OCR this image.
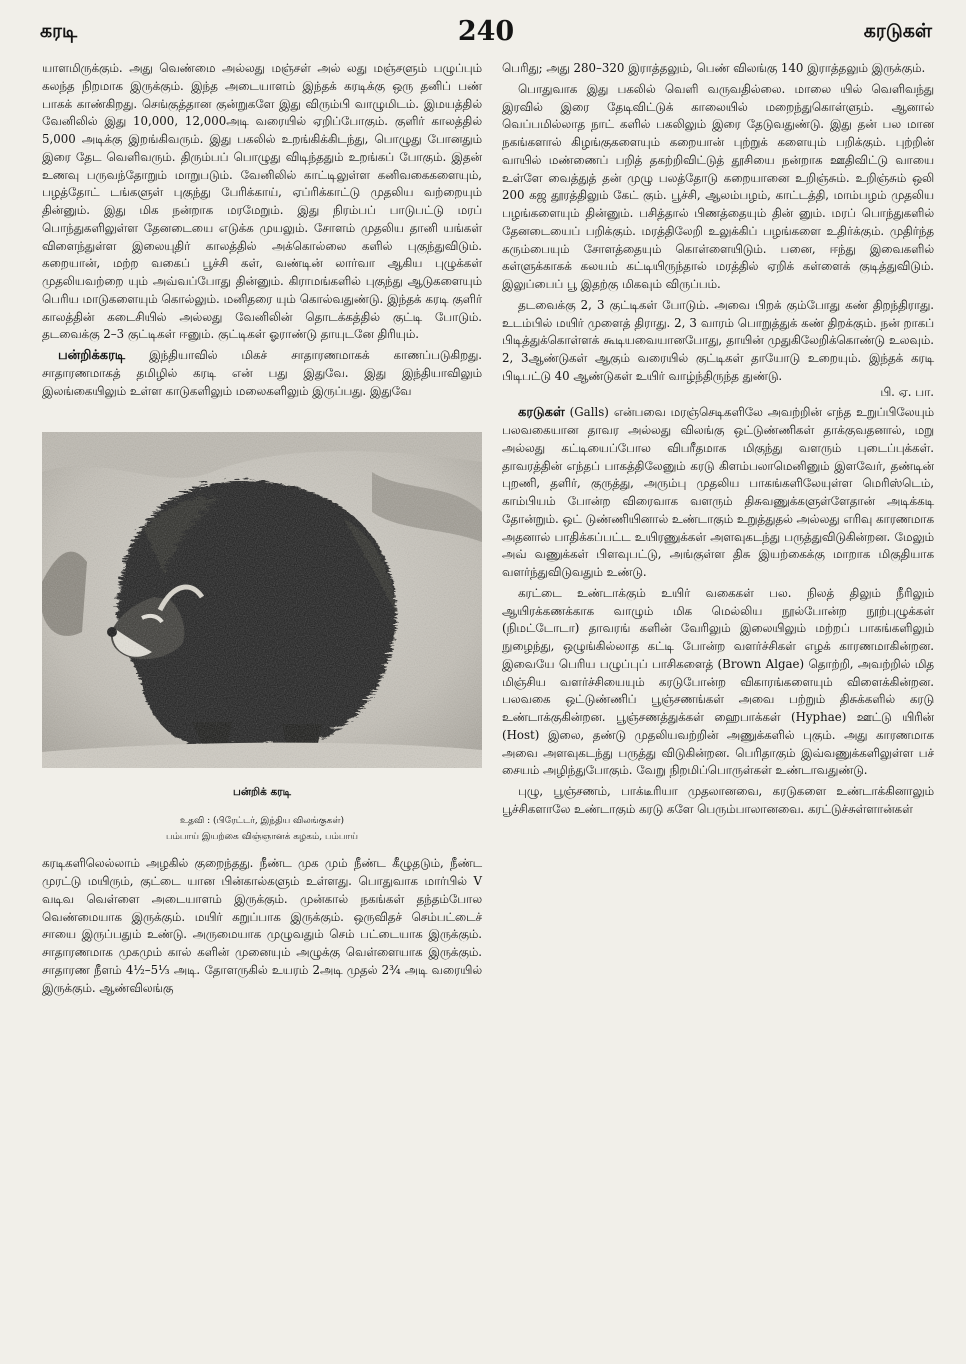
கரடி	240	கரடுகள்

யாளமிருக்கும். அது வெண்மை அல்லது மஞ்சள் அல் லது மஞ்சளும் பழுப்பும் கலந்த நிறமாக இருக்கும். இந்த அடையாளம் இந்தக் கரடிக்கு ஒரு தனிப் பண் பாகக் காண்கிறது. செங்குத்தான குன்றுகளே இது விரும்பி வாழுமிடம். இமயத்தில் வேனிலில் இது 10,000, 12,000அடி வரையில் ஏறிப்போகும். குளிர் காலத்தில் 5,000 அடிக்கு இறங்கிவரும். இது பகலில் உறங்கிக்கிடந்து, பொழுது போனதும் இரை தேட வெளிவரும். திரும்பப் பொழுது விடிந்ததும் உறங்கப் போகும். இதன் உணவு பருவந்தோறும் மாறுபடும். வேனிலில் காட்டிலுள்ள கனிவகைகளையும், பழத்தோட் டங்களுள் புகுந்து பேரிக்காய், ஏப்ரிக்காட்டு முதலிய வற்றையும் தின்னும். இது மிக நன்றாக மரமேறும். இது நிரம்பப் பாடுபட்டு மரப் பொந்துகளிலுள்ள தேனடையை எடுக்க முயலும். சோளம் முதலிய தானி யங்கள் விளைந்துள்ள இலையுதிர் காலத்தில் அக்கொல்லை களில் புகுந்துவிடும். கறையான், மற்ற வகைப் பூச்சி கள், வண்டின் லார்வா ஆகிய புழுக்கள் முதலியவற்றை யும் அவ்வப்போது தின்னும். கிராமங்களில் புகுந்து ஆடுகளையும் பெரிய மாடுகளையும் கொல்லும். மனிதரை யும் கொல்வதுண்டு. இந்தக் கரடி குளிர் காலத்தின் கடைசியில் அல்லது வேனிலின் தொடக்கத்தில் குட்டி போடும். தடவைக்கு 2–3 குட்டிகள் ஈனும். குட்டிகள் ஓராண்டு தாயுடனே திரியும்.

பன்றிக்கரடி இந்தியாவில் மிகச் சாதாரணமாகக் காணப்படுகிறது. சாதாரணமாகத் தமிழில் கரடி என் பது இதுவே. இது இந்தியாவிலும் இலங்கையிலும் உள்ள காடுகளிலும் மலைகளிலும் இருப்பது. இதுவே

பன்றிக் கரடி

உதவி : (பிரேட்டர், இந்திய விலங்குகள்)

பம்பாய் இயற்கை விஞ்ஞானக் கழகம், பம்பாய்

கரடிகளிலெல்லாம் அழகில் குறைந்தது. நீண்ட முக மும் நீண்ட கீழுதடும், நீண்ட முரட்டு மயிரும், குட்டை யான பின்கால்களும் உள்ளது. பொதுவாக மார்பில் V வடிவ வெள்ளை அடையாளம் இருக்கும். முன்கால் நகங்கள் தந்தம்போல வெண்மையாக இருக்கும். மயிர் கறுப்பாக இருக்கும். ஒருவிதச் செம்பட்டைச் சாயை இருப்பதும் உண்டு. அருமையாக முழுவதும் செம் பட்டையாக இருக்கும். சாதாரணமாக முகமும் கால் களின் முனையும் அழுக்கு வெள்ளையாக இருக்கும். சாதாரண நீளம் 4½–5⅓ அடி. தோளருகில் உயரம் 2அடி முதல் 2¾ அடி வரையில் இருக்கும். ஆண்விலங்கு

பெரிது; அது 280–320 இராத்தலும், பெண் விலங்கு 140 இராத்தலும் இருக்கும்.

பொதுவாக இது பகலில் வெளி வருவதில்லை. மாலை யில் வெளிவந்து இரவில் இரை தேடிவிட்டுக் காலையில் மறைந்துகொள்ளும். ஆனால் வெப்பமில்லாத நாட் களில் பகலிலும் இரை தேடுவதுண்டு. இது தன் பல மான நகங்களால் கிழங்குகளையும் கறையான் புற்றுக் களையும் பறிக்கும். புற்றின் வாயில் மண்ணைப் பறித் தகற்றிவிட்டுத் தூசியை நன்றாக ஊதிவிட்டு வாயை உள்ளே வைத்துத் தன் முழு பலத்தோடு கறையானை உறிஞ்சும். உறிஞ்சும் ஒலி 200 கஜ தூரத்திலும் கேட் கும். பூச்சி, ஆலம்பழம், காட்டத்தி, மாம்பழம் முதலிய பழங்களையும் தின்னும். பசித்தால் பிணத்தையும் தின் னும். மரப் பொந்துகளில் தேனடையைப் பறிக்கும். மரத்திலேறி உலுக்கிப் பழங்களை உதிர்க்கும். முதிர்ந்த கரும்பையும் சோளத்தையும் கொள்ளையிடும். பனை, ஈந்து இவைகளில் கள்ளுக்காகக் கலயம் கட்டியிருந்தால் மரத்தில் ஏறிக் கள்ளைக் குடித்துவிடும். இலுப்பைப் பூ இதற்கு மிகவும் விருப்பம்.

தடவைக்கு 2, 3 குட்டிகள் போடும். அவை பிறக் கும்போது கண் திறந்திராது. உடம்பில் மயிர் முளைத் திராது. 2, 3 வாரம் பொறுத்துக் கண் திறக்கும். நன் றாகப் பிடித்துக்கொள்ளக் கூடியவையானபோது, தாயின் முதுகிலேறிக்கொண்டு உலவும். 2, 3ஆண்டுகள் ஆகும் வரையில் குட்டிகள் தாயோடு உறையும். இந்தக் கரடி பிடிபட்டு 40 ஆண்டுகள் உயிர் வாழ்ந்திருந்த துண்டு.
பி. ஏ. பா.

கரடுகள் (Galls) என்பவை மரஞ்செடிகளிலே அவற்றின் எந்த உறுப்பிலேயும் பலவகையான தாவர அல்லது விலங்கு ஒட்டுண்ணிகள் தாக்குவதனால், மறு அல்லது கட்டியைப்போல விபரீதமாக மிகுந்து வளரும் புடைப்புக்கள். தாவரத்தின் எந்தப் பாகத்திலேனும் கரடு கிளம்பலாமெனினும் இளவேர், தண்டின் புறணி, தளிர், குருத்து, அரும்பு முதலிய பாகங்களிலேயுள்ள மெரிஸ்டெம், காம்பியம் போன்ற விரைவாக வளரும் திசுவணுக்களுள்ளேதான் அடிக்கடி தோன்றும். ஒட் டுண்ணியினால் உண்டாகும் உறுத்துதல் அல்லது எரிவு காரணமாக அதனால் பாதிக்கப்பட்ட உயிரணுக்கள் அளவுகடந்து பருத்துவிடுகின்றன. மேலும் அவ் வணுக்கள் பிளவுபட்டு, அங்குள்ள திசு இயற்கைக்கு மாறாக மிகுதியாக வளர்ந்துவிடுவதும் உண்டு.

கரட்டை உண்டாக்கும் உயிர் வகைகள் பல. நிலத் திலும் நீரிலும் ஆயிரக்கணக்காக வாழும் மிக மெல்லிய நூல்போன்ற நூற்புழுக்கள் (நிமட்டோடா) தாவரங் களின் வேரிலும் இலையிலும் மற்றப் பாகங்களிலும் நுழைந்து, ஒழுங்கில்லாத கட்டி போன்ற வளர்ச்சிகள் எழக் காரணமாகின்றன. இவையே பெரிய பழுப்புப் பாசிகளைத் (Brown Algae) தொற்றி, அவற்றில் மித மிஞ்சிய வளர்ச்சியையும் கரடுபோன்ற விகாரங்களையும் விளைக்கின்றன. பலவகை ஒட்டுண்ணிப் பூஞ்சணங்கள் அவை பற்றும் திசுக்களில் கரடு உண்டாக்குகின்றன. பூஞ்சணத்துக்கள் ஹைபாக்கள் (Hyphae) ஊட்டு யிரின் (Host) இலை, தண்டு முதலியவற்றின் அணுக்களில் புகும். அது காரணமாக அவை அளவுகடந்து பருத்து விடுகின்றன. பெரிதாகும் இவ்வணுக்களிலுள்ள பச் சையம் அழிந்துபோகும். வேறு நிறமிப்பொருள்கள் உண்டாவதுண்டு.

புழு, பூஞ்சணம், பாக்டீரியா முதலானவை, கரடுகளை உண்டாக்கினாலும் பூச்சிகளாலே உண்டாகும் கரடு களே பெரும்பாலானவை. கரட்டுச்சுள்ளான்கள்
